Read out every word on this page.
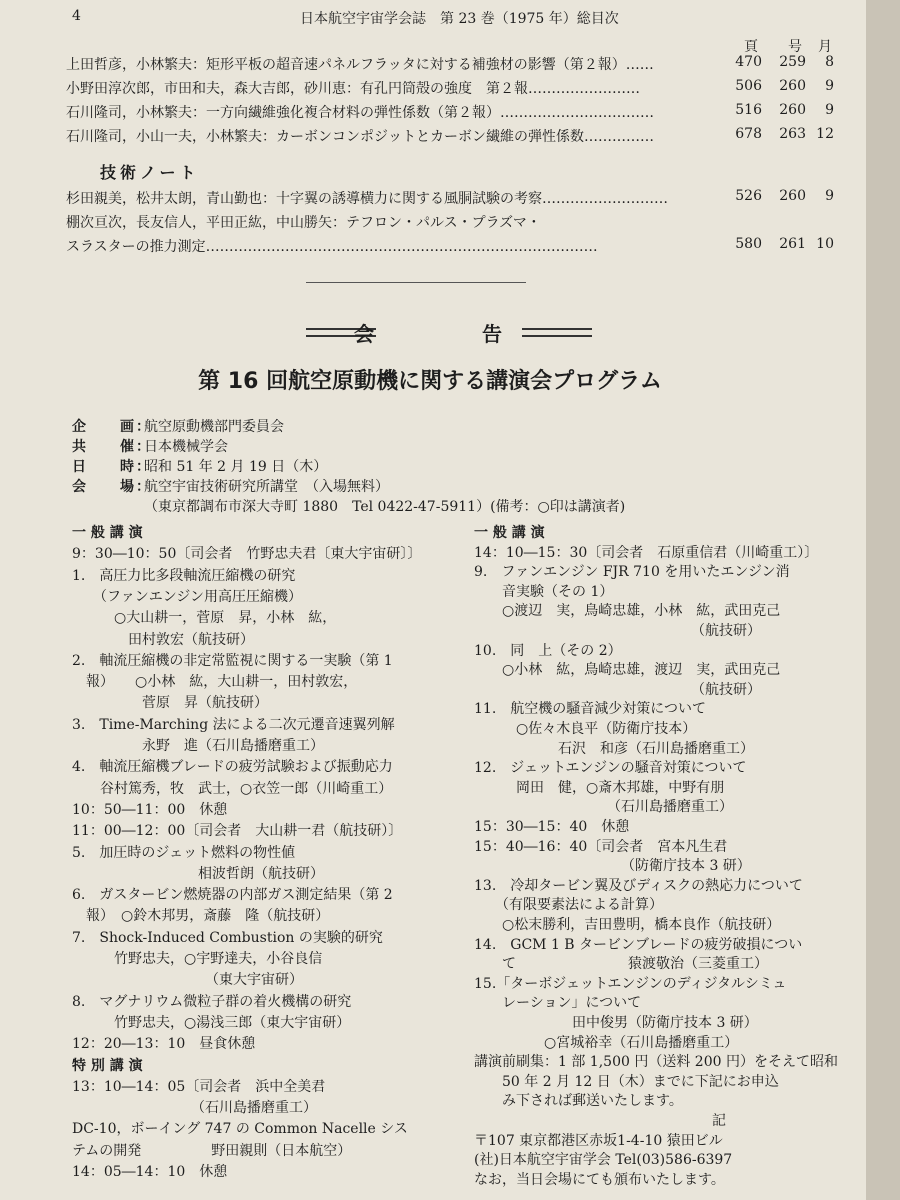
4	日本航空宇宙学会誌　第 23 巻（1975 年）総目次
頁 号 月
上田哲彦，小林繁夫：矩形平板の超音速パネルフラッタに対する補強材の影響（第２報）……	470	259	8
小野田淳次郎，市田和夫，森大吉郎，砂川恵：有孔円筒殻の強度　第２報……………………	506	260	9
石川隆司，小林繁夫：一方向繊維強化複合材料の弾性係数（第２報）……………………………	516	260	9
石川隆司，小山一夫，小林繁夫：カーボンコンポジットとカーボン繊維の弾性係数……………	678	263 12
技術ノート
杉田親美，松井太朗，青山勤也：十字翼の誘導横力に関する風胴試験の考察………………………	526	260	9
棚次亘次，長友信人，平田正紘，中山勝矢：テフロン・パルス・プラズマ・
スラスターの推力測定…………………………………………………………………………	580	261 10
会　告
第 16 回航空原動機に関する講演会プログラム
企　　画：航空原動機部門委員会
共　　催：日本機械学会
日　　時：昭和 51 年 2 月 19 日（木）
会　　場：航空宇宙技術研究所講堂　（入場無料）
（東京都調布市深大寺町 1880　Tel 0422-47-5911）(備考：○印は講演者)
一 般 講 演
9：30―10：50〔司会者　竹野忠夫君〔東大宇宙研〕〕
1.　高圧力比多段軸流圧縮機の研究
　　（ファンエンジン用高圧圧縮機）
　　　○大山耕一，菅原　昇，小林　紘，
　　　　田村敦宏（航技研）
2.　軸流圧縮機の非定常監視に関する一実験（第 1
　報）　　○小林　紘，大山耕一，田村敦宏，
　　　　　菅原　昇（航技研）
3.　Time-Marching 法による二次元遷音速翼列解
　　　　　永野　進（石川島播磨重工）
4.　軸流圧縮機ブレードの疲労試験および振動応力
　　谷村篤秀，牧　武士，○衣笠一郎（川崎重工）
10：50―11：00　休憩
11：00―12：00〔司会者　大山耕一君（航技研）〕
5.　加圧時のジェット燃料の物性値
　　　　　　　　　相波哲朗（航技研）
6.　ガスタービン燃焼器の内部ガス測定結果（第 2
　報）　○鈴木邦男，斎藤　隆（航技研）
7.　Shock-Induced Combustion の実験的研究
　　　竹野忠夫，○宇野達夫，小谷良信
　　　　　　　　　　（東大宇宙研）
8.　マグナリウム微粒子群の着火機構の研究
　　　竹野忠夫，○湯浅三郎（東大宇宙研）
12：20―13：10　昼食休憩
特 別 講 演
13：10―14：05〔司会者　浜中全美君
　　　　　　　　　（石川島播磨重工）
DC-10，ボーイング 747 の Common Nacelle シス
テムの開発　　　　　野田親則（日本航空）
14：05―14：10　休憩
一 般 講 演
14：10―15：30〔司会者　石原重信君（川崎重工）〕
9.　ファンエンジン FJR 710 を用いたエンジン消
　　音実験（その 1）
　　○渡辺　実，鳥崎忠雄，小林　紘，武田克己
　　　　　　　　　　　　　　　　（航技研）
10.　同　上（その 2）
　　○小林　紘，鳥崎忠雄，渡辺　実，武田克己
　　　　　　　　　　　　　　　　（航技研）
11.　航空機の騒音減少対策について
　　　○佐々木良平（防衛庁技本）
　　　　　　石沢　和彦（石川島播磨重工）
12.　ジェットエンジンの騒音対策について
　　　岡田　健，○斎木邦雄，中野有朋
　　　　　　　　　　（石川島播磨重工）
15：30―15：40　休憩
15：40―16：40〔司会者　宮本凡生君
　　　　　　　　　　　（防衛庁技本 3 研）
13.　冷却タービン翼及びディスクの熱応力について
　　（有限要素法による計算）
　　○松末勝利，吉田豊明，橋本良作（航技研）
14.　GCM 1 B タービンブレードの疲労破損につい
　　て　　　　　　　　猿渡敬治（三菱重工）
15.「ターボジェットエンジンのディジタルシミュ
　　レーション」について
　　　　　　　田中俊男（防衛庁技本 3 研）
　　　　　○宮城裕幸（石川島播磨重工）
講演前刷集：1 部 1,500 円（送料 200 円）をそえて昭和
　　50 年 2 月 12 日（木）までに下記にお申込
　　み下されば郵送いたします。
　　　　　　　　　　　　　　　　　記
〒107 東京都港区赤坂1-4-10 猿田ビル
(社)日本航空宇宙学会 Tel(03)586-6397
なお，当日会場にても頒布いたします。
